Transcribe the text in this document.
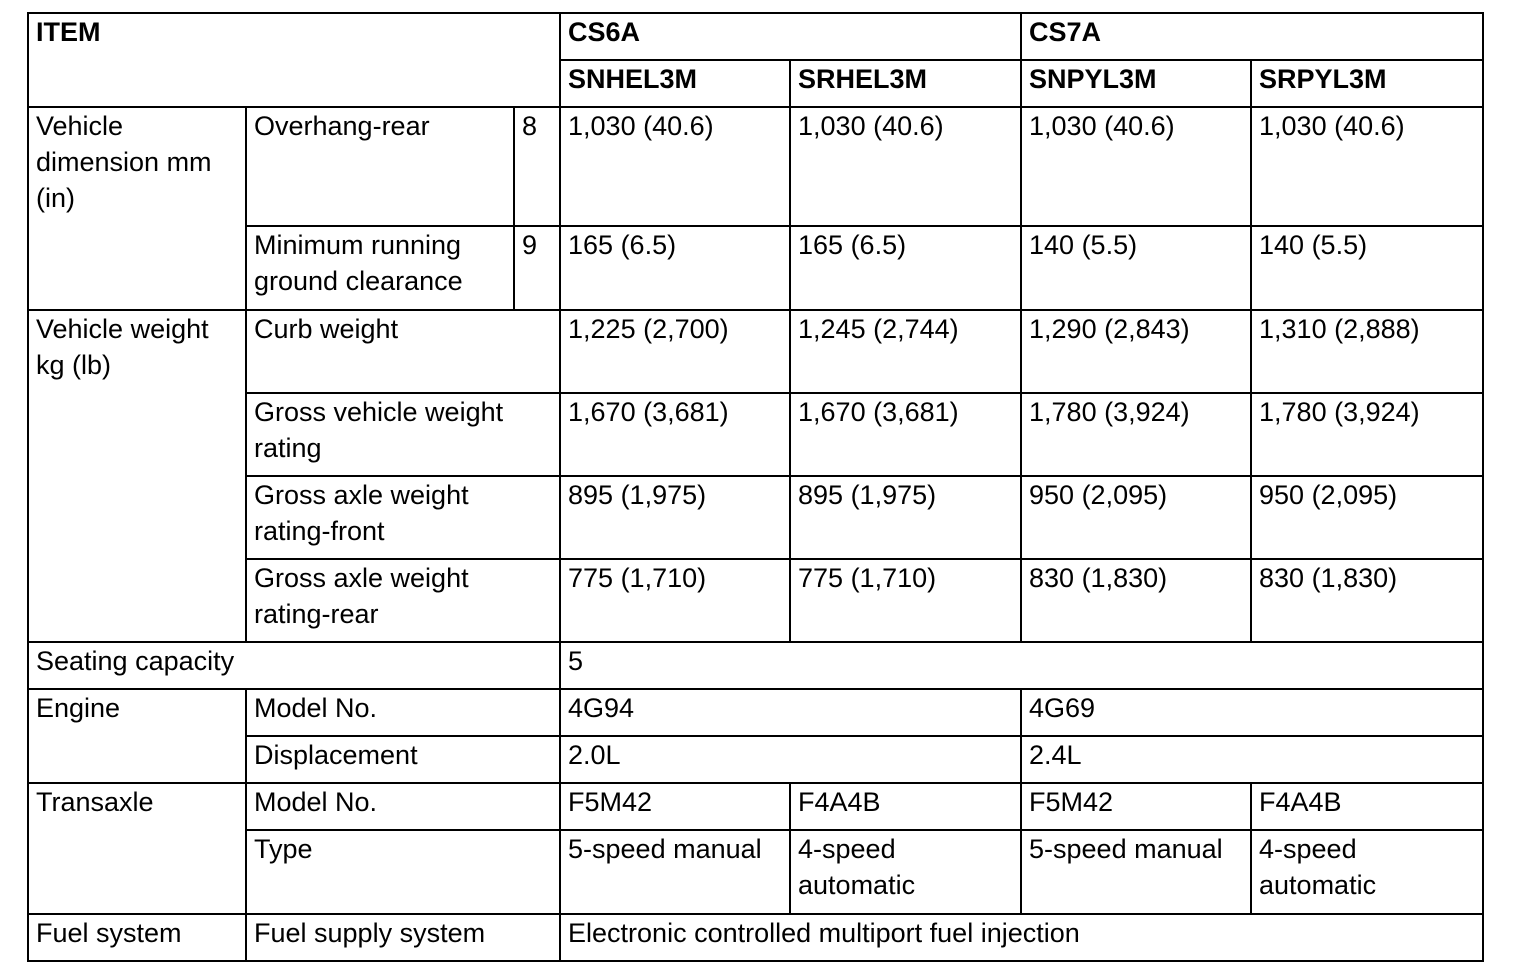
ITEM			CS6A		CS7A	
			SNHEL3M	SRHEL3M	SNPYL3M	SRPYL3M
Vehicle dimension mm (in)	Overhang-rear	8	1,030 (40.6)	1,030 (40.6)	1,030 (40.6)	1,030 (40.6)
	Minimum running ground clearance	9	165 (6.5)	165 (6.5)	140 (5.5)	140 (5.5)
Vehicle weight kg (lb)	Curb weight		1,225 (2,700)	1,245 (2,744)	1,290 (2,843)	1,310 (2,888)
	Gross vehicle weight rating		1,670 (3,681)	1,670 (3,681)	1,780 (3,924)	1,780 (3,924)
	Gross axle weight rating-front		895 (1,975)	895 (1,975)	950 (2,095)	950 (2,095)
	Gross axle weight rating-rear		775 (1,710)	775 (1,710)	830 (1,830)	830 (1,830)
Seating capacity			5			
Engine	Model No.		4G94		4G69	
	Displacement		2.0L		2.4L	
Transaxle	Model No.		F5M42	F4A4B	F5M42	F4A4B
	Type		5-speed manual	4-speed automatic	5-speed manual	4-speed automatic
Fuel system	Fuel supply system		Electronic controlled multiport fuel injection			
